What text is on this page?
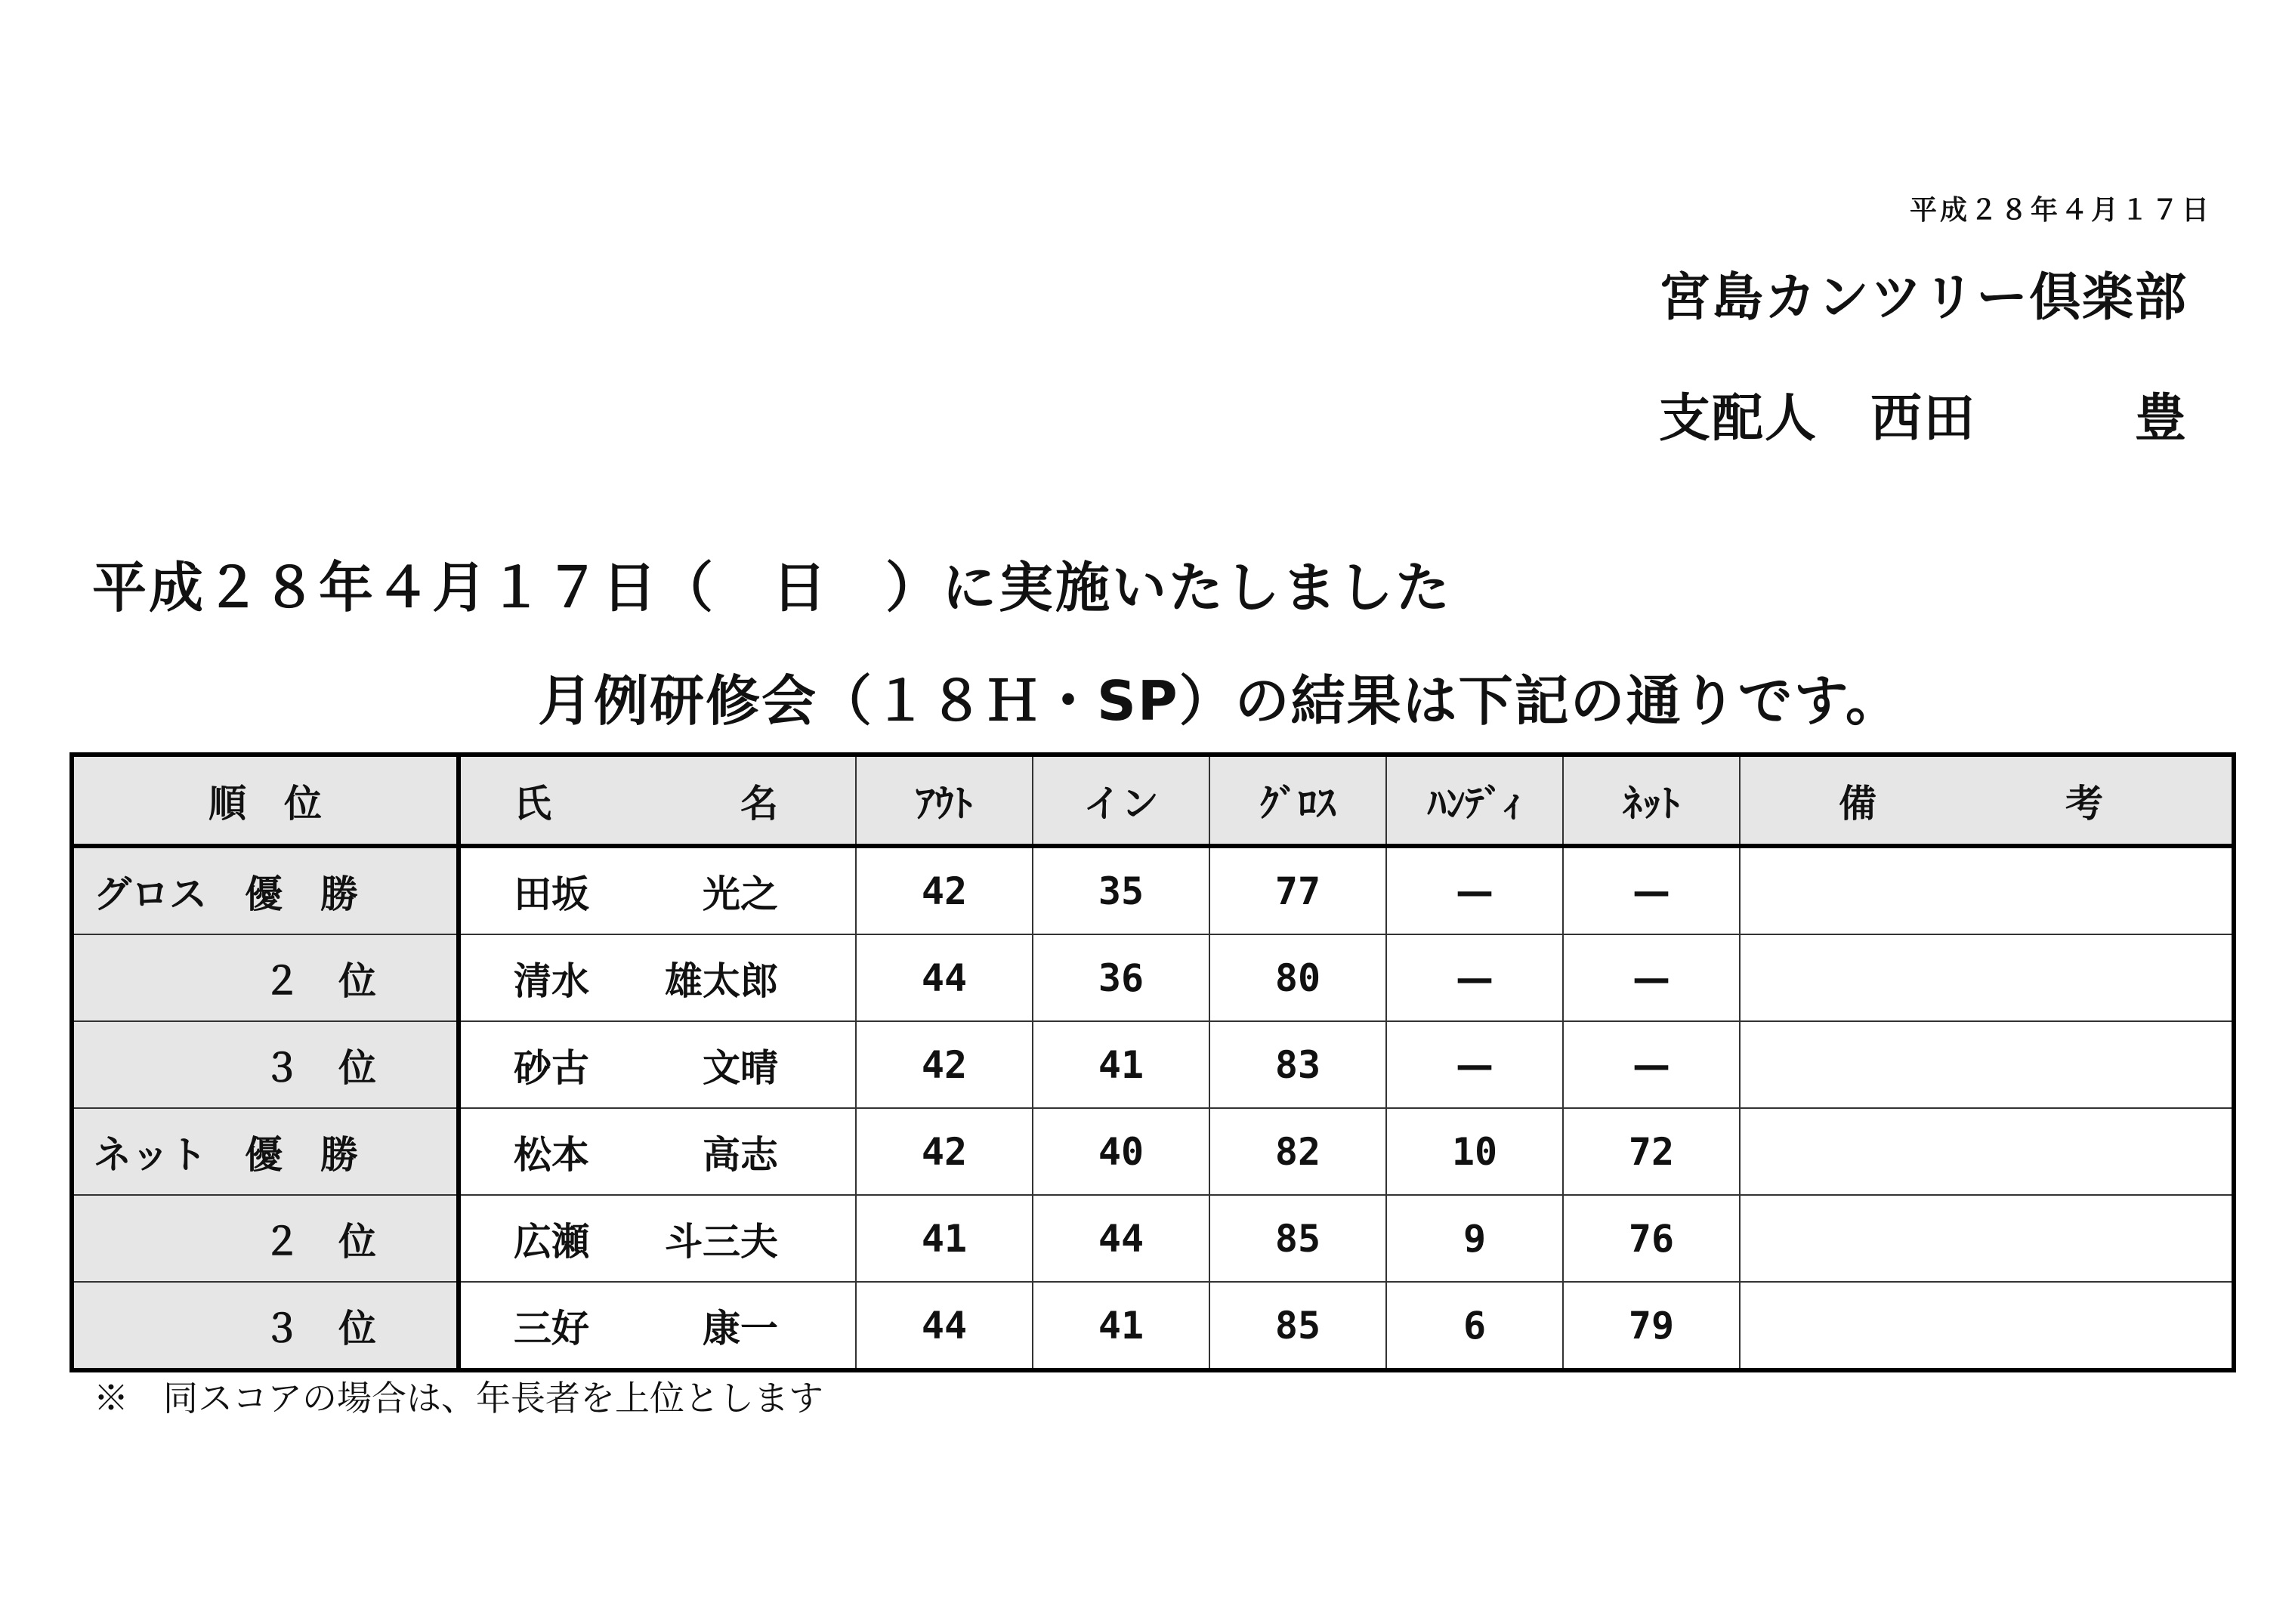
平成２８年４月１７日
宮島カンツリー倶楽部
支配人　西田　　　豊
平成２８年４月１７日（　日　）に実施いたしました
月例研修会（１８Ｈ・SP）の結果は下記の通りです。
順　位	氏　　　　　名	ｱｳﾄ	イン	ｸﾞﾛｽ	ﾊﾝﾃﾞｨ	ﾈｯﾄ	備　　　　　考
グロス　優　勝	田坂　　　光之	42	35	77	—	—	
２　位	清水　　雄太郎	44	36	80	—	—	
３　位	砂古　　　文晴	42	41	83	—	—	
ネット　優　勝	松本　　　高志	42	40	82	10	72	
２　位	広瀬　　斗三夫	41	44	85	9	76	
３　位	三好　　　康一	44	41	85	6	79	
※　同スコアの場合は、年長者を上位とします
